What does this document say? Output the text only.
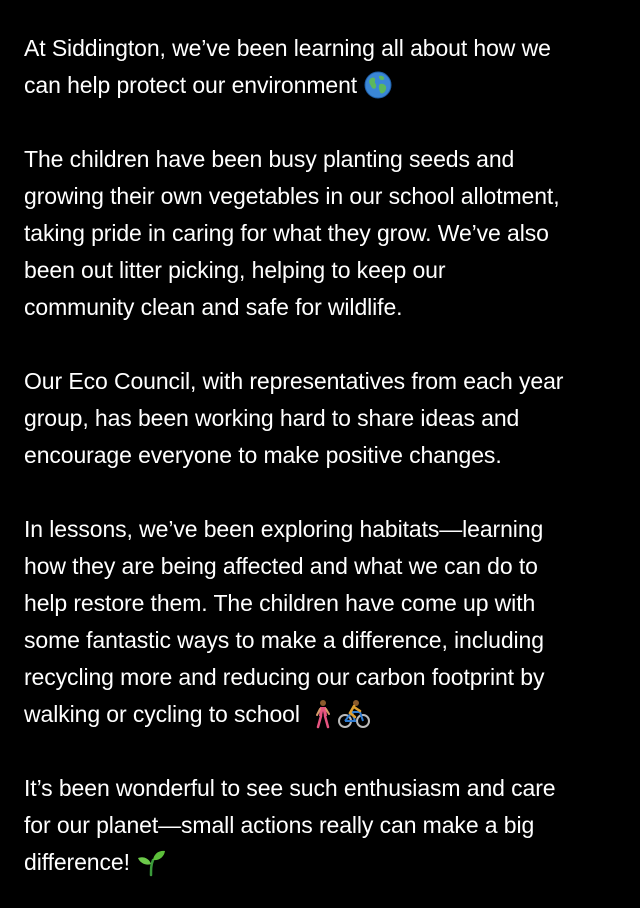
At Siddington, we’ve been learning all about how we
can help protect our environment

The children have been busy planting seeds and
growing their own vegetables in our school allotment,
taking pride in caring for what they grow. We’ve also
been out litter picking, helping to keep our
community clean and safe for wildlife.

Our Eco Council, with representatives from each year
group, has been working hard to share ideas and
encourage everyone to make positive changes.

In lessons, we’ve been exploring habitats—learning
how they are being affected and what we can do to
help restore them. The children have come up with
some fantastic ways to make a difference, including
recycling more and reducing our carbon footprint by
walking or cycling to school

It’s been wonderful to see such enthusiasm and care
for our planet—small actions really can make a big
difference!
